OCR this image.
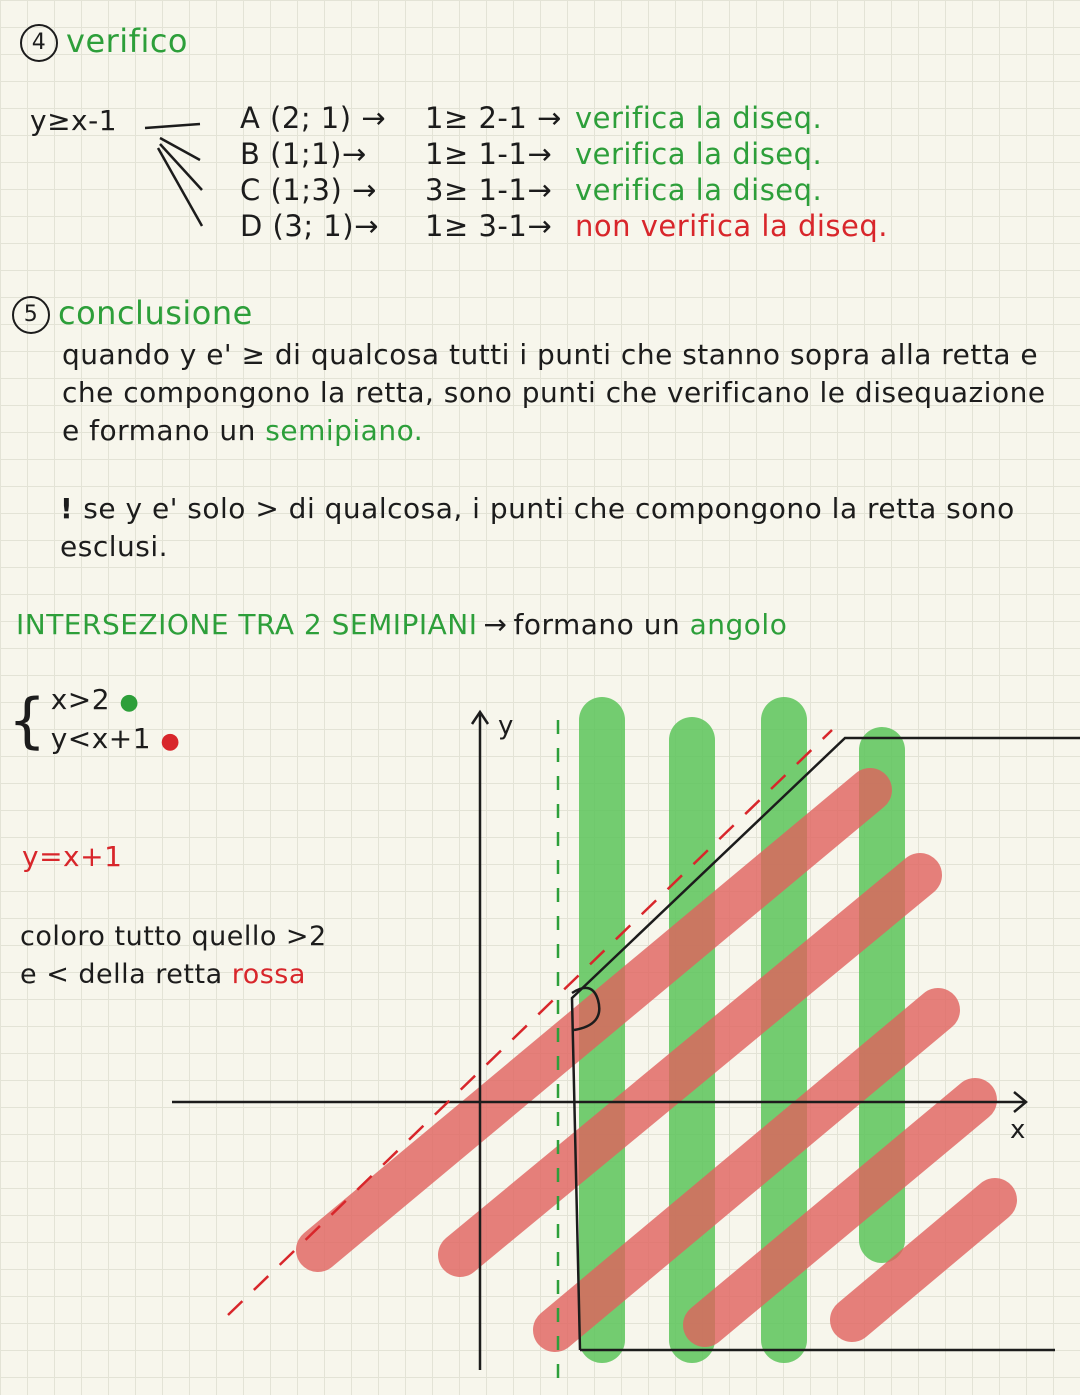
4 verifico
y≥x-1	A (2; 1) → 1≥ 2-1 → verifica la diseq.
B (1;1)→ 1≥ 1-1→ verifica la diseq.
C (1;3) → 3≥ 1-1→ verifica la diseq.
D (3; 1)→ 1≥ 3-1→ non verifica la diseq.
5 conclusione
quando y e' ≥ di qualcosa tutti i punti che stanno sopra alla retta e che compongono la retta, sono punti che verificano le disequazione e formano un semipiano.
! se y e' solo > di qualcosa, i punti che compongono la retta sono esclusi.
INTERSEZIONE TRA 2 SEMIPIANI → formano un angolo
{ x>2 ●
y<x+1 ●
y=x+1
coloro tutto quello >2
e < della retta rossa
y
x
